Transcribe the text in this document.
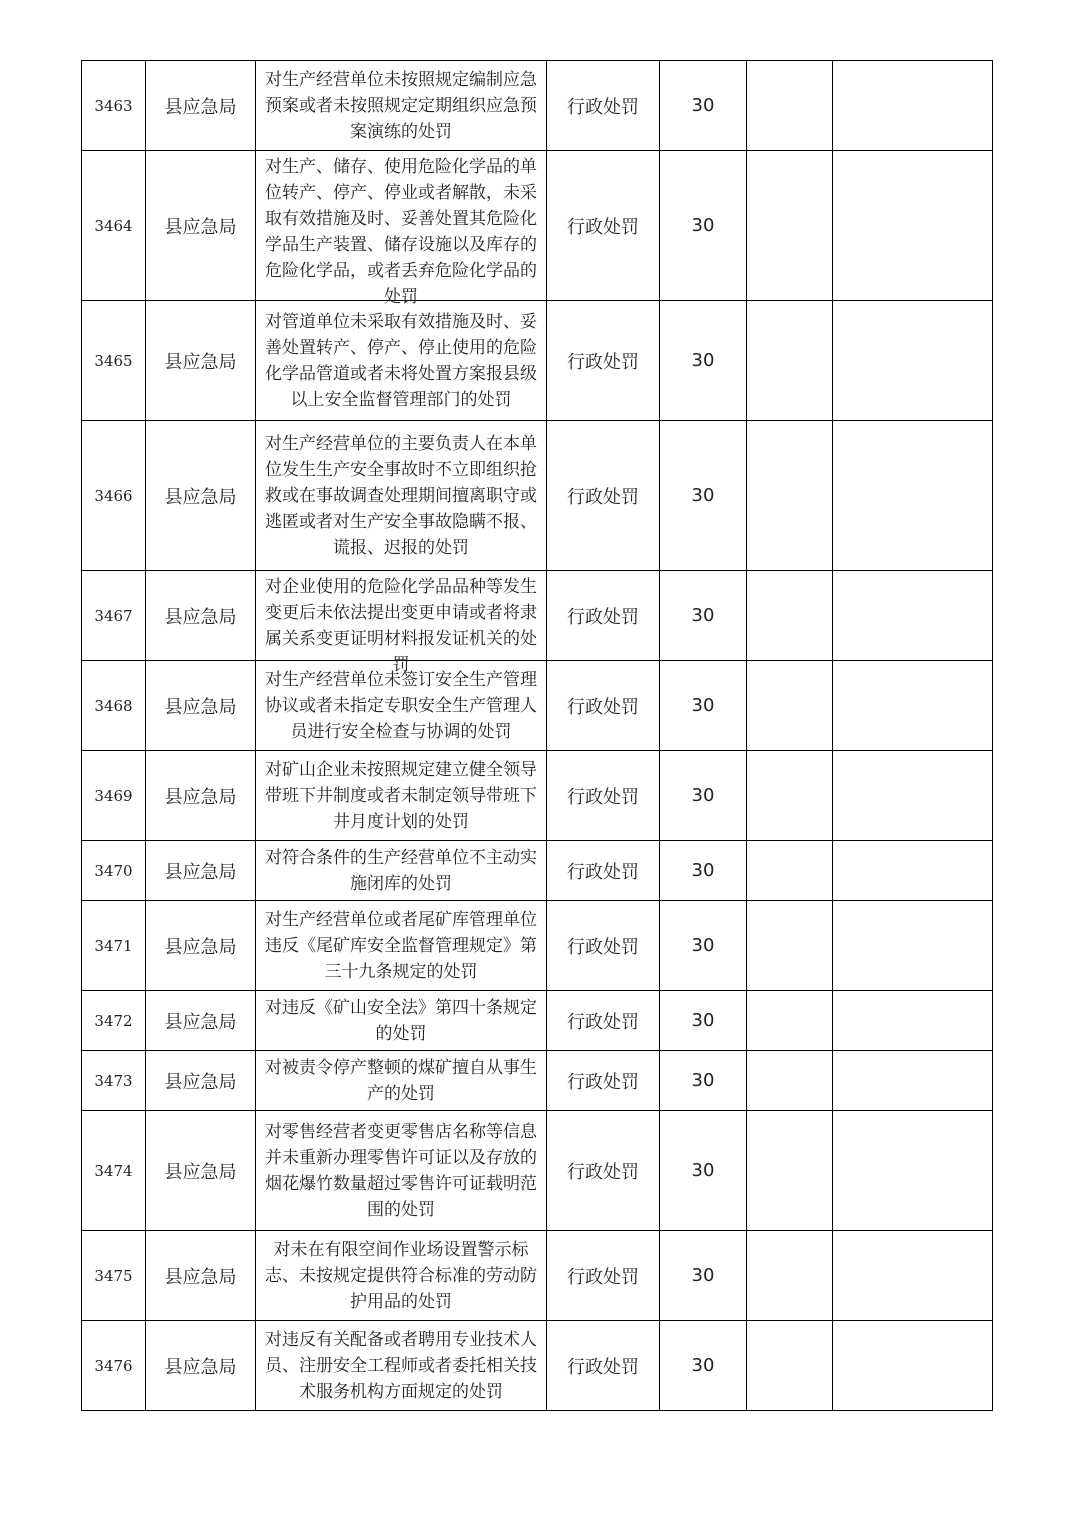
3463	县应急局	对生产经营单位未按照规定编制应急预案或者未按照规定定期组织应急预案演练的处罚	行政处罚	30		
3464	县应急局	对生产、储存、使用危险化学品的单位转产、停产、停业或者解散，未采取有效措施及时、妥善处置其危险化学品生产装置、储存设施以及库存的危险化学品，或者丢弃危险化学品的处罚	行政处罚	30		
3465	县应急局	对管道单位未采取有效措施及时、妥善处置转产、停产、停止使用的危险化学品管道或者未将处置方案报县级以上安全监督管理部门的处罚	行政处罚	30		
3466	县应急局	对生产经营单位的主要负责人在本单位发生生产安全事故时不立即组织抢救或在事故调查处理期间擅离职守或逃匿或者对生产安全事故隐瞒不报、谎报、迟报的处罚	行政处罚	30		
3467	县应急局	对企业使用的危险化学品品种等发生变更后未依法提出变更申请或者将隶属关系变更证明材料报发证机关的处罚	行政处罚	30		
3468	县应急局	对生产经营单位未签订安全生产管理协议或者未指定专职安全生产管理人员进行安全检查与协调的处罚	行政处罚	30		
3469	县应急局	对矿山企业未按照规定建立健全领导带班下井制度或者未制定领导带班下井月度计划的处罚	行政处罚	30		
3470	县应急局	对符合条件的生产经营单位不主动实施闭库的处罚	行政处罚	30		
3471	县应急局	对生产经营单位或者尾矿库管理单位违反《尾矿库安全监督管理规定》第三十九条规定的处罚	行政处罚	30		
3472	县应急局	对违反《矿山安全法》第四十条规定的处罚	行政处罚	30		
3473	县应急局	对被责令停产整顿的煤矿擅自从事生产的处罚	行政处罚	30		
3474	县应急局	对零售经营者变更零售店名称等信息并未重新办理零售许可证以及存放的烟花爆竹数量超过零售许可证载明范围的处罚	行政处罚	30		
3475	县应急局	对未在有限空间作业场设置警示标志、未按规定提供符合标准的劳动防护用品的处罚	行政处罚	30		
3476	县应急局	对违反有关配备或者聘用专业技术人员、注册安全工程师或者委托相关技术服务机构方面规定的处罚	行政处罚	30		
